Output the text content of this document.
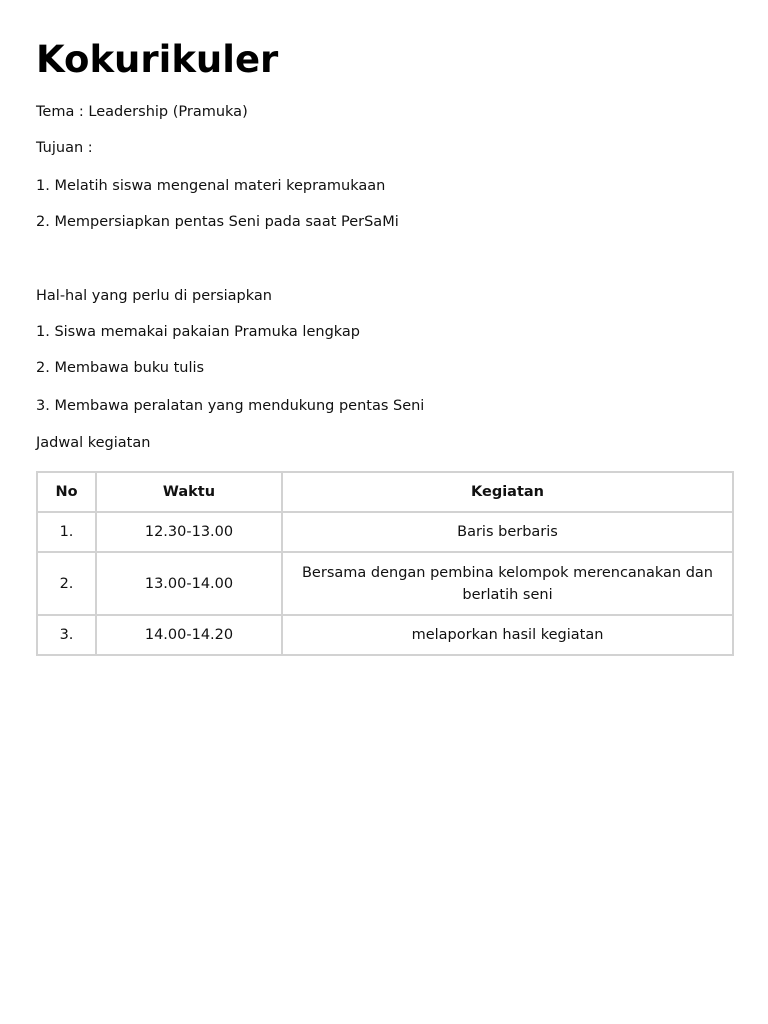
Kokurikuler

Tema : Leadership (Pramuka)

Tujuan :

1. Melatih siswa mengenal materi kepramukaan

2. Mempersiapkan pentas Seni pada saat PerSaMi

Hal-hal yang perlu di persiapkan

1. Siswa memakai pakaian Pramuka lengkap

2. Membawa buku tulis

3. Membawa peralatan yang mendukung pentas Seni

Jadwal kegiatan

No	Waktu	Kegiatan
1.	12.30-13.00	Baris berbaris
2.	13.00-14.00	Bersama dengan pembina kelompok merencanakan dan berlatih seni
3.	14.00-14.20	melaporkan hasil kegiatan
